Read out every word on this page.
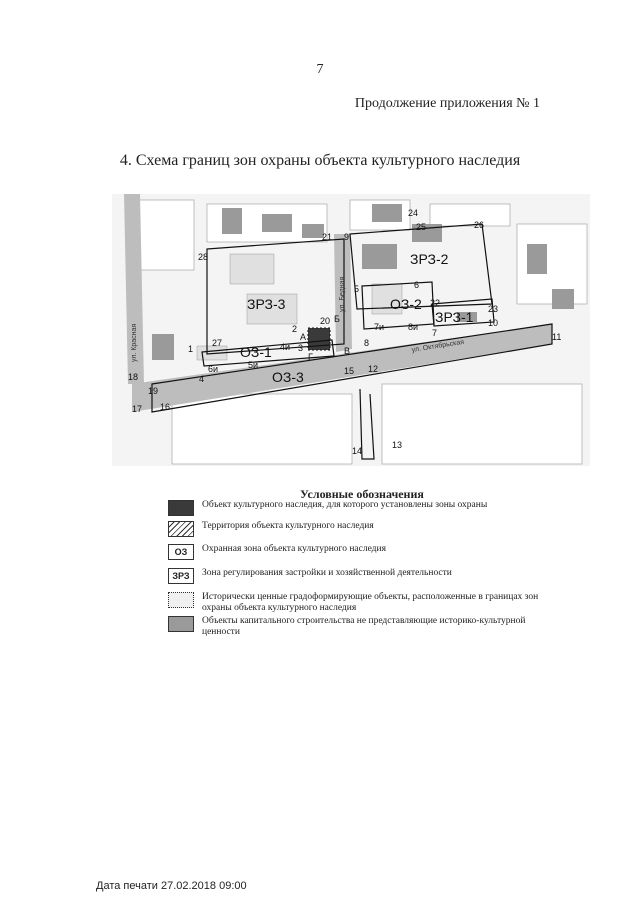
7
Продолжение приложения № 1
4. Схема границ зон охраны объекта культурного наследия
ЗРЗ-3
ЗРЗ-2
ЗРЗ-1
ОЗ-2
ОЗ-1
ОЗ-3
ул. Октябрьская
ул. Бедная
ул. Красная	1
2
3
4
5	6
7
8
9
10
11
12
13
14
15
16
17
18
19
20
21
22
23
24
25	26
27
28
А
Б
В
Г
4и
5и
6и
7и	8и
Условные обозначения
Объект культурного наследия, для которого установлены зоны охраны
Территория объекта культурного наследия
ОЗ	Охранная зона объекта культурного наследия
ЗРЗ	Зона регулирования застройки и хозяйственной деятельности
Исторически ценные градоформирующие объекты, расположенные в границах зон охраны объекта культурного наследия
Объекты капитального строительства не представляющие историко-культурной ценности
Дата печати 27.02.2018 09:00
